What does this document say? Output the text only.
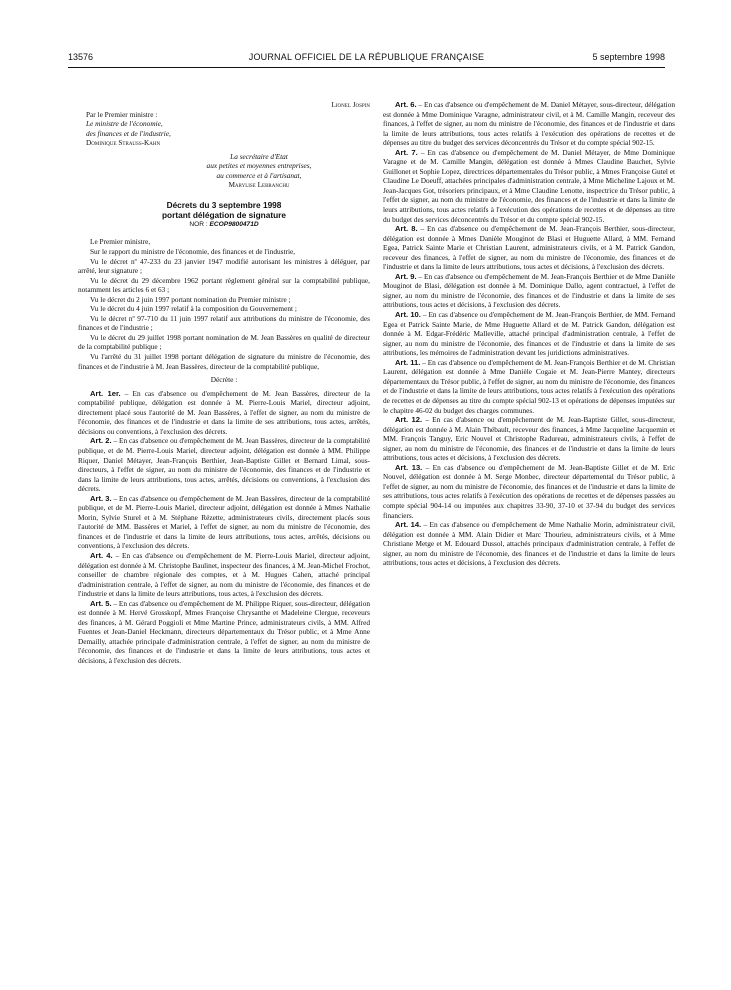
13576	JOURNAL OFFICIEL DE LA RÉPUBLIQUE FRANÇAISE	5 septembre 1998

Lionel Jospin

Par le Premier ministre :

Le ministre de l'économie,

des finances et de l'industrie,

Dominique Strauss-Kahn

La secrétaire d'Etat

aux petites et moyennes entreprises,

au commerce et à l'artisanat,

Marylise Lebranchu

Décrets du 3 septembre 1998

portant délégation de signature

NOR : ECOP9800471D

Le Premier ministre,

Sur le rapport du ministre de l'économie, des finances et de l'industrie,

Vu le décret nº 47-233 du 23 janvier 1947 modifié autorisant les ministres à déléguer, par arrêté, leur signature ;

Vu le décret du 29 décembre 1962 portant règlement général sur la comptabilité publique, notamment les articles 6 et 63 ;

Vu le décret du 2 juin 1997 portant nomination du Premier ministre ;

Vu le décret du 4 juin 1997 relatif à la composition du Gouvernement ;

Vu le décret nº 97-710 du 11 juin 1997 relatif aux attributions du ministre de l'économie, des finances et de l'industrie ;

Vu le décret du 29 juillet 1998 portant nomination de M. Jean Bassères en qualité de directeur de la comptabilité publique ;

Vu l'arrêté du 31 juillet 1998 portant délégation de signature du ministre de l'économie, des finances et de l'industrie à M. Jean Bassères, directeur de la comptabilité publique,

Décrète :

Art. 1er. – En cas d'absence ou d'empêchement de M. Jean Bassères, directeur de la comptabilité publique, délégation est donnée à M. Pierre-Louis Mariel, directeur adjoint, directement placé sous l'autorité de M. Jean Bassères, à l'effet de signer, au nom du ministre de l'économie, des finances et de l'industrie et dans la limite de ses attributions, tous actes, arrêtés, décisions ou conventions, à l'exclusion des décrets.

Art. 2. – En cas d'absence ou d'empêchement de M. Jean Bassères, directeur de la comptabilité publique, et de M. Pierre-Louis Mariel, directeur adjoint, délégation est donnée à MM. Philippe Riquer, Daniel Métayer, Jean-François Berthier, Jean-Baptiste Gillet et Bernard Limal, sous-directeurs, à l'effet de signer, au nom du ministre de l'économie, des finances et de l'industrie et dans la limite de leurs attributions, tous actes, arrêtés, décisions ou conventions, à l'exclusion des décrets.

Art. 3. – En cas d'absence ou d'empêchement de M. Jean Bassères, directeur de la comptabilité publique, et de M. Pierre-Louis Mariel, directeur adjoint, délégation est donnée à Mmes Nathalie Morin, Sylvie Sturel et à M. Stéphane Rézette, administrateurs civils, directement placés sous l'autorité de MM. Bassères et Mariel, à l'effet de signer, au nom du ministre de l'économie, des finances et de l'industrie et dans la limite de leurs attributions, tous actes, arrêtés, décisions ou conventions, à l'exclusion des décrets.

Art. 4. – En cas d'absence ou d'empêchement de M. Pierre-Louis Mariel, directeur adjoint, délégation est donnée à M. Christophe Baulinet, inspecteur des finances, à M. Jean-Michel Frochot, conseiller de chambre régionale des comptes, et à M. Hugues Cahen, attaché principal d'administration centrale, à l'effet de signer, au nom du ministre de l'économie, des finances et de l'industrie et dans la limite de leurs attributions, tous actes, à l'exclusion des décrets.

Art. 5. – En cas d'absence ou d'empêchement de M. Philippe Riquer, sous-directeur, délégation est donnée à M. Hervé Grosskopf, Mmes Françoise Chrysanthe et Madeleine Clergue, receveurs des finances, à M. Gérard Poggioli et Mme Martine Prince, administrateurs civils, à MM. Alfred Fuentes et Jean-Daniel Heckmann, directeurs départementaux du Trésor public, et à Mme Anne Demailly, attachée principale d'administration centrale, à l'effet de signer, au nom du ministre de l'économie, des finances et de l'industrie et dans la limite de leurs attributions, tous actes et décisions, à l'exclusion des décrets.

Art. 6. – En cas d'absence ou d'empêchement de M. Daniel Métayer, sous-directeur, délégation est donnée à Mme Dominique Varagne, administrateur civil, et à M. Camille Mangin, receveur des finances, à l'effet de signer, au nom du ministre de l'économie, des finances et de l'industrie et dans la limite de leurs attributions, tous actes relatifs à l'exécution des opérations de recettes et de dépenses au titre du budget des services déconcentrés du Trésor et du compte spécial 902-15.

Art. 7. – En cas d'absence ou d'empêchement de M. Daniel Métayer, de Mme Dominique Varagne et de M. Camille Mangin, délégation est donnée à Mmes Claudine Bauchet, Sylvie Guillonet et Sophie Lopez, directrices départementales du Trésor public, à Mmes Françoise Gutel et Claudine Le Doeuff, attachées principales d'administration centrale, à Mme Micheline Lajoux et M. Jean-Jacques Got, trésoriers principaux, et à Mme Claudine Lenotte, inspectrice du Trésor public, à l'effet de signer, au nom du ministre de l'économie, des finances et de l'industrie et dans la limite de leurs attributions, tous actes relatifs à l'exécution des opérations de recettes et de dépenses au titre du budget des services déconcentrés du Trésor et du compte spécial 902-15.

Art. 8. – En cas d'absence ou d'empêchement de M. Jean-François Berthier, sous-directeur, délégation est donnée à Mmes Danièle Mouginot de Blasi et Huguette Allard, à MM. Fernand Egea, Patrick Sainte Marie et Christian Laurent, administrateurs civils, et à M. Patrick Gandon, receveur des finances, à l'effet de signer, au nom du ministre de l'économie, des finances et de l'industrie et dans la limite de leurs attributions, tous actes et décisions, à l'exclusion des décrets.

Art. 9. – En cas d'absence ou d'empêchement de M. Jean-François Berthier et de Mme Danièle Mouginot de Blasi, délégation est donnée à M. Dominique Dallo, agent contractuel, à l'effet de signer, au nom du ministre de l'économie, des finances et de l'industrie et dans la limite de ses attributions, tous actes et décisions, à l'exclusion des décrets.

Art. 10. – En cas d'absence ou d'empêchement de M. Jean-François Berthier, de MM. Fernand Egea et Patrick Sainte Marie, de Mme Huguette Allard et de M. Patrick Gandon, délégation est donnée à M. Edgar-Frédéric Malleville, attaché principal d'administration centrale, à l'effet de signer, au nom du ministre de l'économie, des finances et de l'industrie et dans la limite de ses attributions, les mémoires de l'administration devant les juridictions administratives.

Art. 11. – En cas d'absence ou d'empêchement de M. Jean-François Berthier et de M. Christian Laurent, délégation est donnée à Mme Danièle Cogaie et M. Jean-Pierre Mantey, directeurs départementaux du Trésor public, à l'effet de signer, au nom du ministre de l'économie, des finances et de l'industrie et dans la limite de leurs attributions, tous actes relatifs à l'exécution des opérations de recettes et de dépenses au titre du compte spécial 902-13 et opérations de dépenses imputées sur le chapitre 46-02 du budget des charges communes.

Art. 12. – En cas d'absence ou d'empêchement de M. Jean-Baptiste Gillet, sous-directeur, délégation est donnée à M. Alain Thébault, receveur des finances, à Mme Jacqueline Jacquemin et MM. François Tanguy, Eric Nouvel et Christophe Radureau, administrateurs civils, à l'effet de signer, au nom du ministre de l'économie, des finances et de l'industrie et dans la limite de leurs attributions, tous actes et décisions, à l'exclusion des décrets.

Art. 13. – En cas d'absence ou d'empêchement de M. Jean-Baptiste Gillet et de M. Eric Nouvel, délégation est donnée à M. Serge Monbec, directeur départemental du Trésor public, à l'effet de signer, au nom du ministre de l'économie, des finances et de l'industrie et dans la limite de ses attributions, tous actes relatifs à l'exécution des opérations de recettes et de dépenses passées au compte spécial 904-14 ou imputées aux chapitres 33-90, 37-10 et 37-94 du budget des services financiers.

Art. 14. – En cas d'absence ou d'empêchement de Mme Nathalie Morin, administrateur civil, délégation est donnée à MM. Alain Didier et Marc Thourieu, administrateurs civils, et à Mme Christiane Metge et M. Edouard Dussol, attachés principaux d'administration centrale, à l'effet de signer, au nom du ministre de l'économie, des finances et de l'industrie et dans la limite de leurs attributions, tous actes et décisions, à l'exclusion des décrets.
